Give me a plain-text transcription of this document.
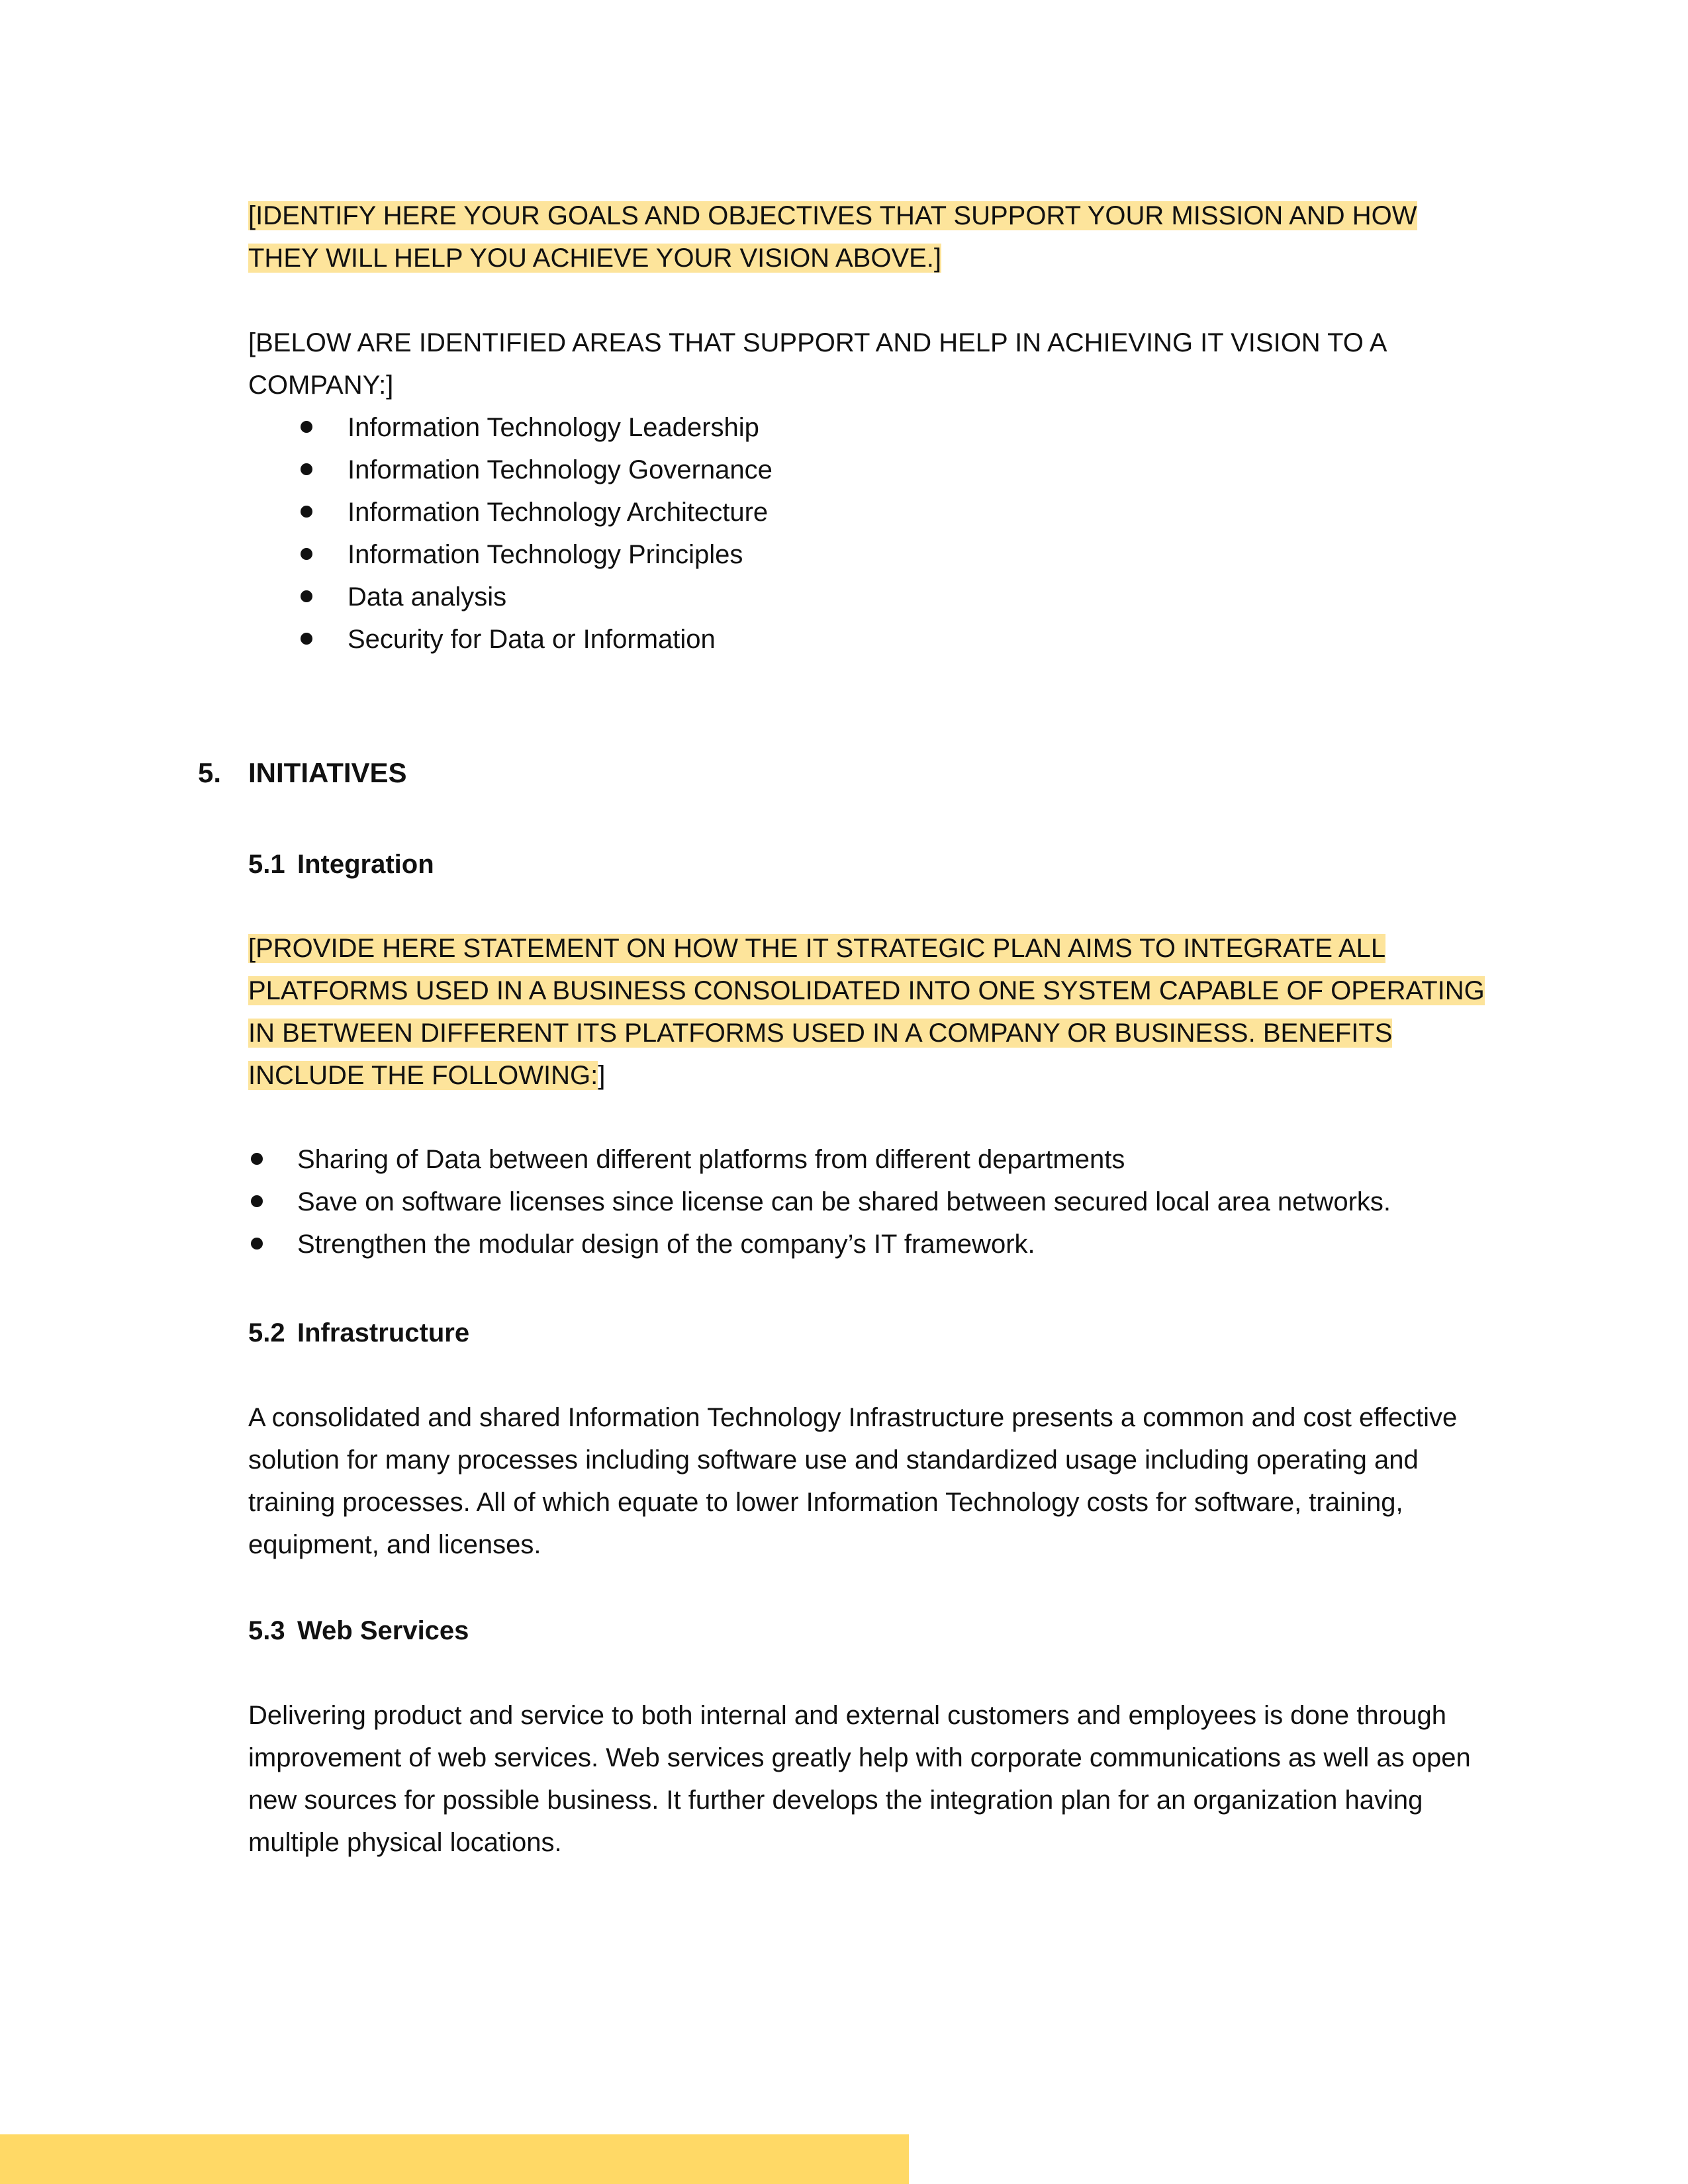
[IDENTIFY HERE YOUR GOALS AND OBJECTIVES THAT SUPPORT YOUR MISSION AND HOW THEY WILL HELP YOU ACHIEVE YOUR VISION ABOVE.]

[BELOW ARE IDENTIFIED AREAS THAT SUPPORT AND HELP IN ACHIEVING IT VISION TO A COMPANY:]

Information Technology Leadership
Information Technology Governance
Information Technology Architecture
Information Technology Principles
Data analysis
Security for Data or Information
5. INITIATIVES
5.1 Integration

[PROVIDE HERE STATEMENT ON HOW THE IT STRATEGIC PLAN AIMS TO INTEGRATE ALL PLATFORMS USED IN A BUSINESS CONSOLIDATED INTO ONE SYSTEM CAPABLE OF OPERATING IN BETWEEN DIFFERENT ITS PLATFORMS USED IN A COMPANY OR BUSINESS. BENEFITS INCLUDE THE FOLLOWING:]

Sharing of Data between different platforms from different departments
Save on software licenses since license can be shared between secured local area networks.
Strengthen the modular design of the company’s IT framework.
5.2 Infrastructure

A consolidated and shared Information Technology Infrastructure presents a common and cost effective solution for many processes including software use and standardized usage including operating and training processes. All of which equate to lower Information Technology costs for software, training, equipment, and licenses.

5.3 Web Services

Delivering product and service to both internal and external customers and employees is done through improvement of web services. Web services greatly help with corporate communications as well as open new sources for possible business. It further develops the integration plan for an organization having multiple physical locations.
